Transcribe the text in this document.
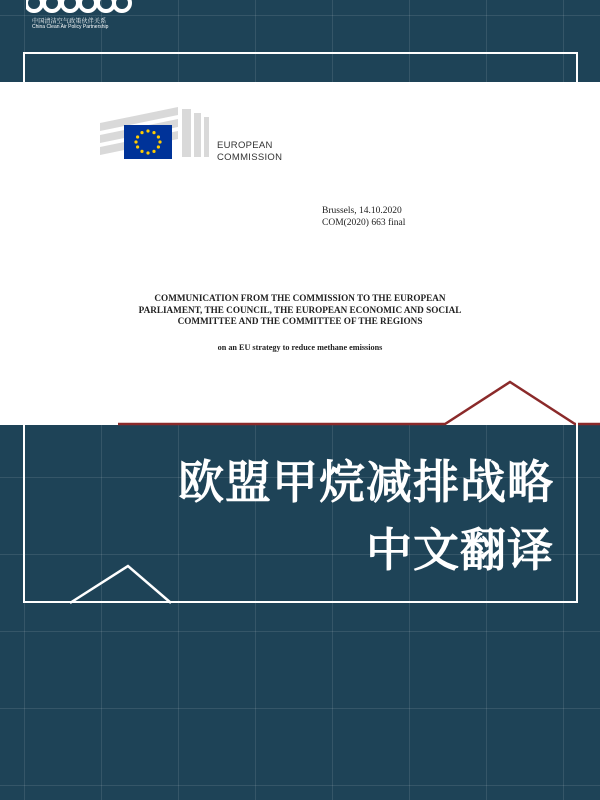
中国清洁空气政策伙伴关系
China Clean Air Policy Partnership
EUROPEAN
COMMISSION
Brussels, 14.10.2020
COM(2020) 663 final
COMMUNICATION FROM THE COMMISSION TO THE EUROPEAN
PARLIAMENT, THE COUNCIL, THE EUROPEAN ECONOMIC AND SOCIAL
COMMITTEE AND THE COMMITTEE OF THE REGIONS
on an EU strategy to reduce methane emissions
欧盟甲烷减排战略
中文翻译
